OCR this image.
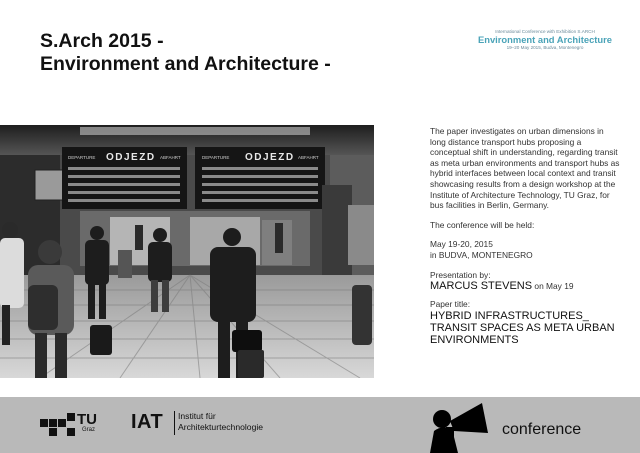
S.Arch 2015 -
Environment and Architecture -
International Conference with Exhibition S.ARCH
Environment and Architecture
19–20 May 2015, Budva, Montenegro
DEPARTURE ODJEZD ABFAHRT	DEPARTURE ODJEZD ABFAHRT

The paper investigates on urban dimensions in long distance transport hubs proposing a conceptual shift in understanding, regarding transit as meta urban environments and transport hubs as hybrid interfaces between local context and transit showcasing results from a design workshop at the Institute of Architecture Technology, TU Graz, for bus facilities in Berlin, Germany.

The conference will be held:

May 19-20, 2015

in BUDVA, MONTENEGRO

Presentation by:

MARCUS STEVENS on May 19

Paper title:

HYBRID INFRASTRUCTURES_

TRANSIT SPACES AS META URBAN

ENVIRONMENTS

TU
Graz IAT Institut für
Architekturtechnologie	conference
